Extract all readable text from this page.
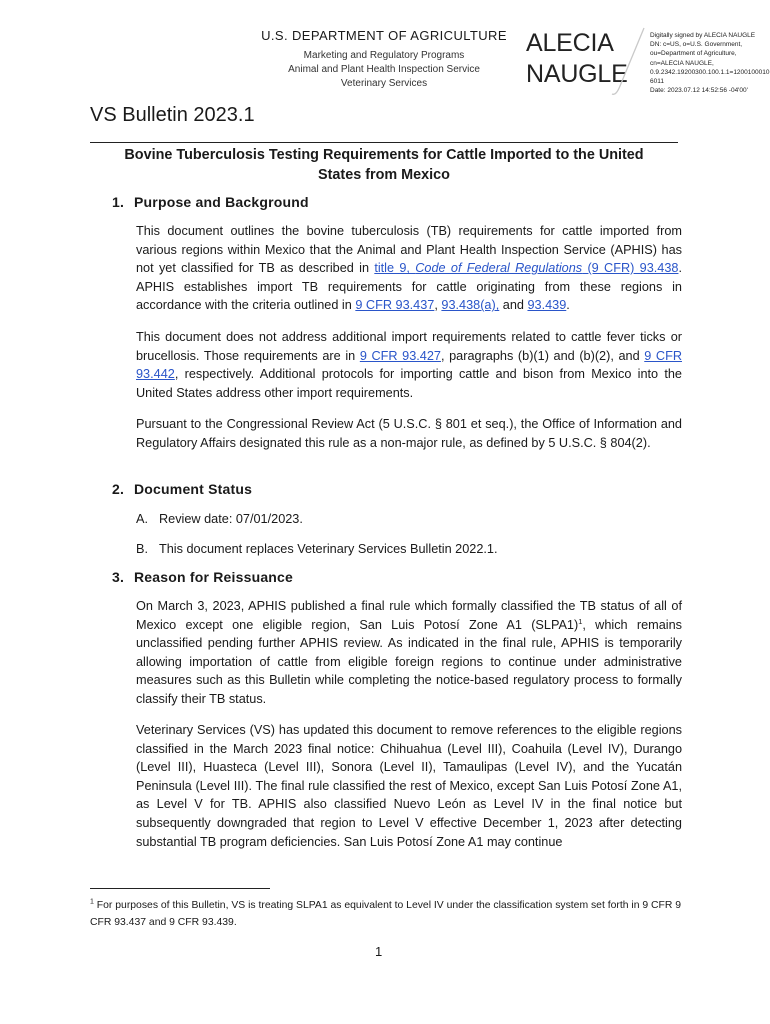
U.S. DEPARTMENT OF AGRICULTURE
Marketing and Regulatory Programs
Animal and Plant Health Inspection Service
Veterinary Services
ALECIA
NAUGLE
Digitally signed by ALECIA NAUGLE
DN: c=US, o=U.S. Government,
ou=Department of Agriculture,
cn=ALECIA NAUGLE,
0.9.2342.19200300.100.1.1=1200100010
6011
Date: 2023.07.12 14:52:56 -04'00'
VS Bulletin 2023.1
Bovine Tuberculosis Testing Requirements for Cattle Imported to the United
States from Mexico
1. Purpose and Background
This document outlines the bovine tuberculosis (TB) requirements for cattle imported from various regions within Mexico that the Animal and Plant Health Inspection Service (APHIS) has not yet classified for TB as described in title 9, Code of Federal Regulations (9 CFR) 93.438. APHIS establishes import TB requirements for cattle originating from these regions in accordance with the criteria outlined in 9 CFR 93.437, 93.438(a), and 93.439.
This document does not address additional import requirements related to cattle fever ticks or brucellosis. Those requirements are in 9 CFR 93.427, paragraphs (b)(1) and (b)(2), and 9 CFR 93.442, respectively. Additional protocols for importing cattle and bison from Mexico into the United States address other import requirements.
Pursuant to the Congressional Review Act (5 U.S.C. § 801 et seq.), the Office of Information and Regulatory Affairs designated this rule as a non-major rule, as defined by 5 U.S.C. § 804(2).
2. Document Status
A. Review date: 07/01/2023.
B. This document replaces Veterinary Services Bulletin 2022.1.
3. Reason for Reissuance
On March 3, 2023, APHIS published a final rule which formally classified the TB status of all of Mexico except one eligible region, San Luis Potosí Zone A1 (SLPA1)$^1$, which remains unclassified pending further APHIS review. As indicated in the final rule, APHIS is temporarily allowing importation of cattle from eligible foreign regions to continue under administrative measures such as this Bulletin while completing the notice-based regulatory process to formally classify their TB status.
Veterinary Services (VS) has updated this document to remove references to the eligible regions classified in the March 2023 final notice: Chihuahua (Level III), Coahuila (Level IV), Durango (Level III), Huasteca (Level III), Sonora (Level II), Tamaulipas (Level IV), and the Yucatán Peninsula (Level III). The final rule classified the rest of Mexico, except San Luis Potosí Zone A1, as Level V for TB. APHIS also classified Nuevo León as Level IV in the final notice but subsequently downgraded that region to Level V effective December 1, 2023 after detecting substantial TB program deficiencies. San Luis Potosí Zone A1 may continue
$^1$ For purposes of this Bulletin, VS is treating SLPA1 as equivalent to Level IV under the classification system set forth in 9 CFR 9 CFR 93.437 and 9 CFR 93.439.
1
